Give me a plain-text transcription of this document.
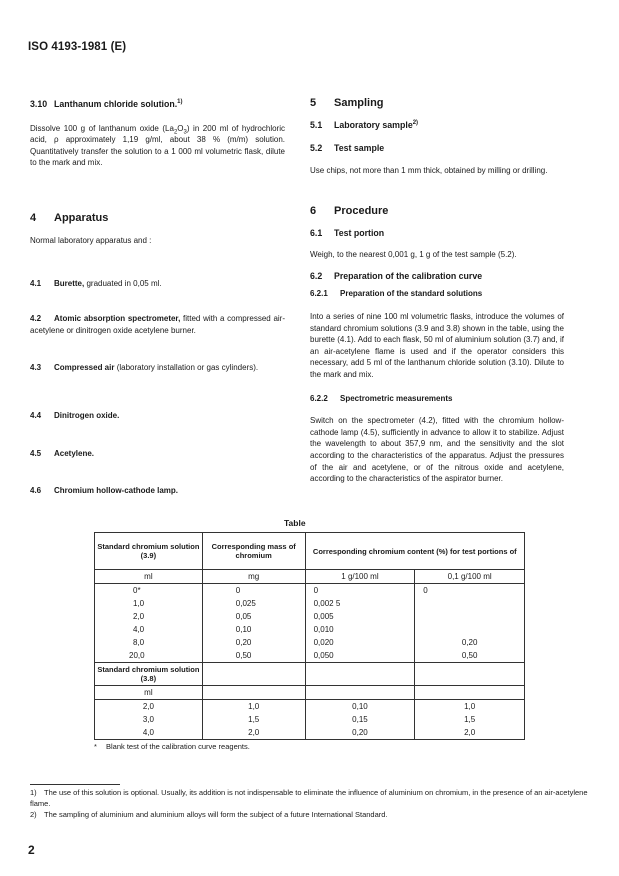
ISO 4193-1981 (E)
3.10 Lanthanum chloride solution.$^{1)}$
Dissolve 100 g of lanthanum oxide $(La_2O_3)$ in 200 ml of hydrochloric acid, ρ approximately 1,19 g/ml, about 38 % (m/m) solution. Quantitatively transfer the solution to a 1 000 ml volumetric flask, dilute to the mark and mix.
4 Apparatus
Normal laboratory apparatus and :
4.1 Burette, graduated in 0,05 ml.
4.2 Atomic absorption spectrometer, fitted with a compressed air-acetylene or dinitrogen oxide acetylene burner.
4.3 Compressed air (laboratory installation or gas cylinders).
4.4 Dinitrogen oxide.
4.5 Acetylene.
4.6 Chromium hollow-cathode lamp.
5 Sampling
5.1 Laboratory sample$^{2)}$
5.2 Test sample
Use chips, not more than 1 mm thick, obtained by milling or drilling.
6 Procedure
6.1 Test portion
Weigh, to the nearest 0,001 g, 1 g of the test sample (5.2).
6.2 Preparation of the calibration curve
6.2.1 Preparation of the standard solutions
Into a series of nine 100 ml volumetric flasks, introduce the volumes of standard chromium solutions (3.9 and 3.8) shown in the table, using the burette (4.1). Add to each flask, 50 ml of aluminium solution (3.7) and, if an air-acetylene flame is used and if the operator considers this necessary, add 5 ml of the lanthanum chloride solution (3.10). Dilute to the mark and mix.
6.2.2 Spectrometric measurements
Switch on the spectrometer (4.2), fitted with the chromium hollow-cathode lamp (4.5), sufficiently in advance to allow it to stabilize. Adjust the wavelength to about 357,9 nm, and the sensitivity and the slot according to the characteristics of the apparatus. Adjust the pressures of the air and acetylene, or of the nitrous oxide and acetylene, according to the characteristics of the aspirator burner.
Table
Standard chromium solution (3.9)	Corresponding mass of chromium	Corresponding chromium content (%) for test portions of	
ml	mg	1 g/100 ml	0,1 g/100 ml
0*	0	0	0
1,0	0,025	0,002 5	
2,0	0,05	0,005	
4,0	0,10	0,010	
8,0	0,20	0,020	0,20
20,0	0,50	0,050	0,50
Standard chromium solution (3.8)			
ml			
2,0	1,0	0,10	1,0
3,0	1,5	0,15	1,5
4,0	2,0	0,20	2,0
* Blank test of the calibration curve reagents.
1) The use of this solution is optional. Usually, its addition is not indispensable to eliminate the influence of aluminium on chromium, in the presence of an air-acetylene flame.
2) The sampling of aluminium and aluminium alloys will form the subject of a future International Standard.
2
